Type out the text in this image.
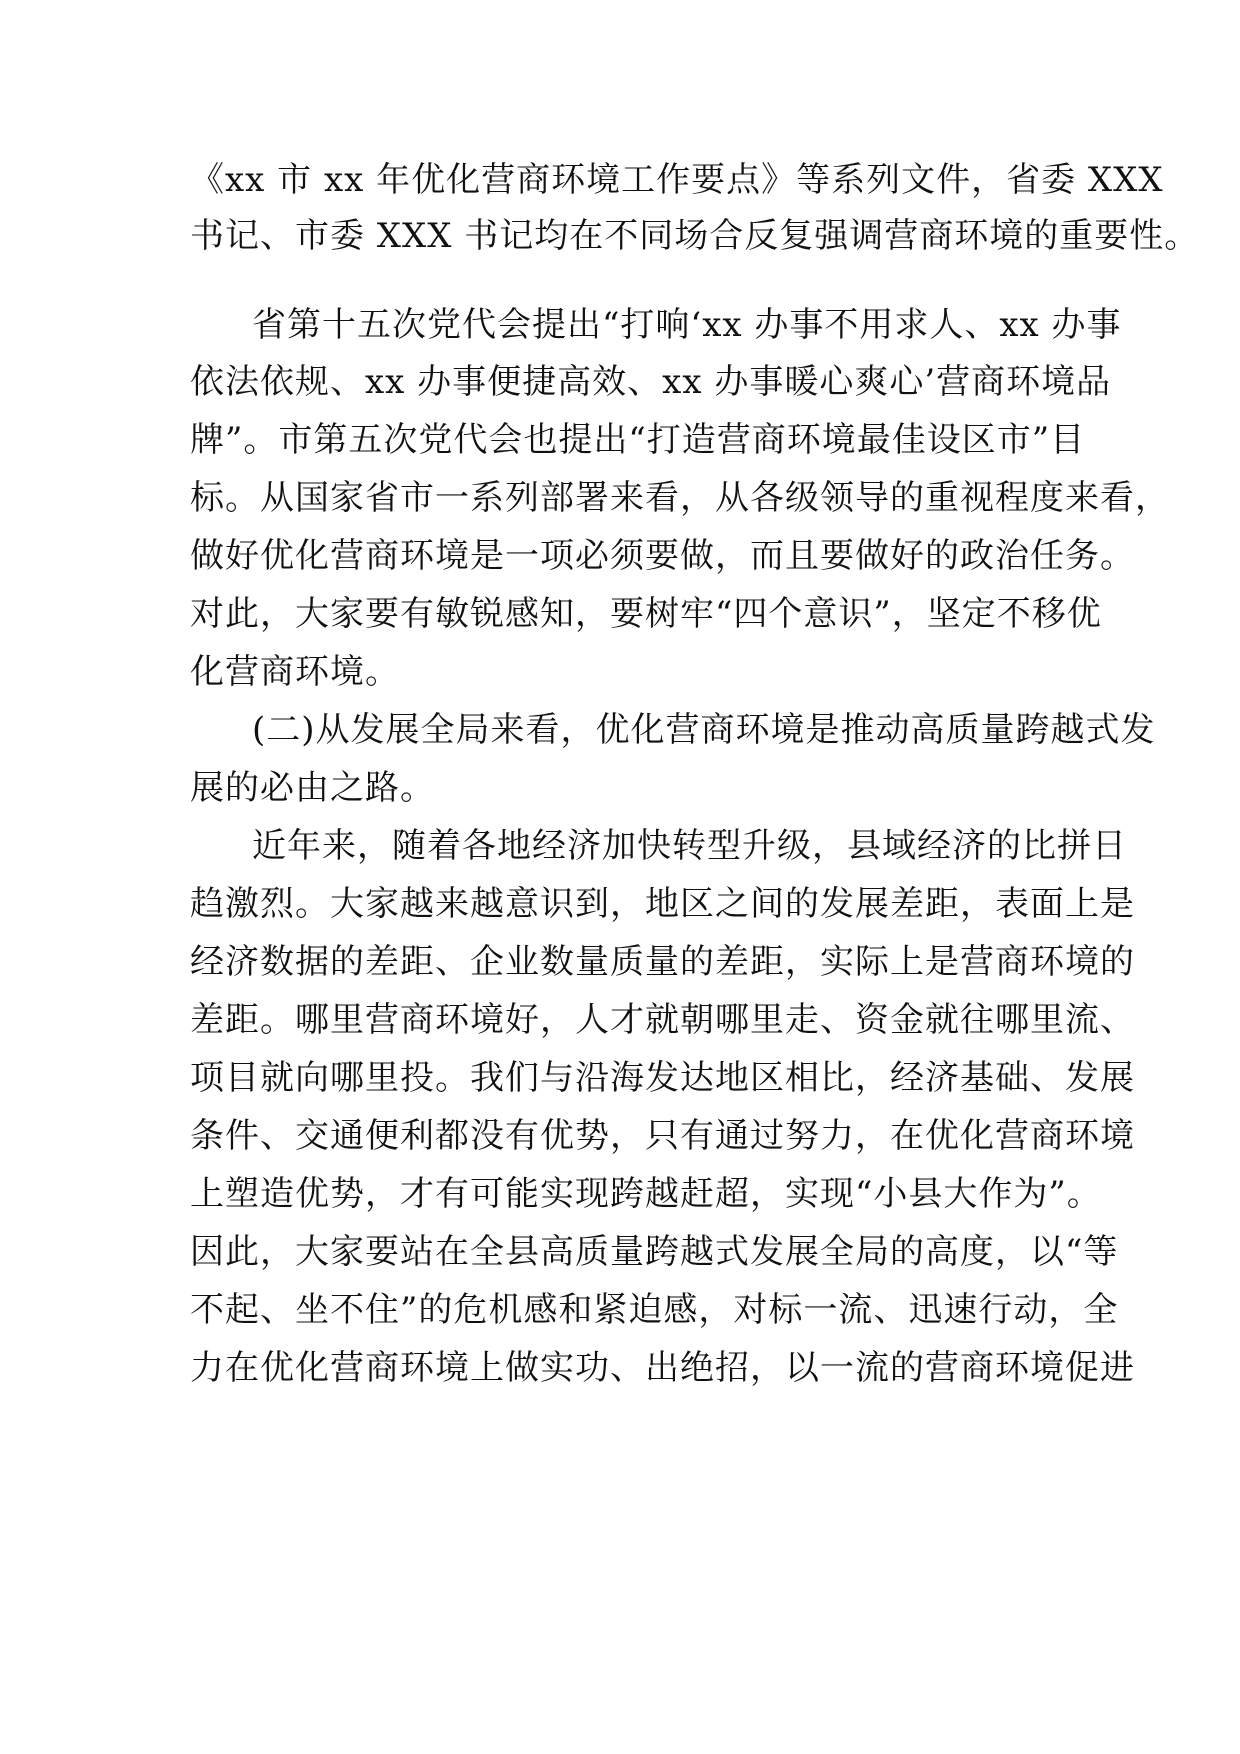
《xx 市 xx 年优化营商环境工作要点》等系列文件，省委 XXX
书记、市委 XXX 书记均在不同场合反复强调营商环境的重要性。
省第十五次党代会提出“打响‘xx 办事不用求人、xx 办事
依法依规、xx 办事便捷高效、xx 办事暖心爽心’营商环境品
牌”。市第五次党代会也提出“打造营商环境最佳设区市”目
标。从国家省市一系列部署来看，从各级领导的重视程度来看，
做好优化营商环境是一项必须要做，而且要做好的政治任务。
对此，大家要有敏锐感知，要树牢“四个意识”，坚定不移优
化营商环境。
(二)从发展全局来看，优化营商环境是推动高质量跨越式发
展的必由之路。
近年来，随着各地经济加快转型升级，县域经济的比拼日
趋激烈。大家越来越意识到，地区之间的发展差距，表面上是
经济数据的差距、企业数量质量的差距，实际上是营商环境的
差距。哪里营商环境好，人才就朝哪里走、资金就往哪里流、
项目就向哪里投。我们与沿海发达地区相比，经济基础、发展
条件、交通便利都没有优势，只有通过努力，在优化营商环境
上塑造优势，才有可能实现跨越赶超，实现“小县大作为”。
因此，大家要站在全县高质量跨越式发展全局的高度，以“等
不起、坐不住”的危机感和紧迫感，对标一流、迅速行动，全
力在优化营商环境上做实功、出绝招，以一流的营商环境促进
